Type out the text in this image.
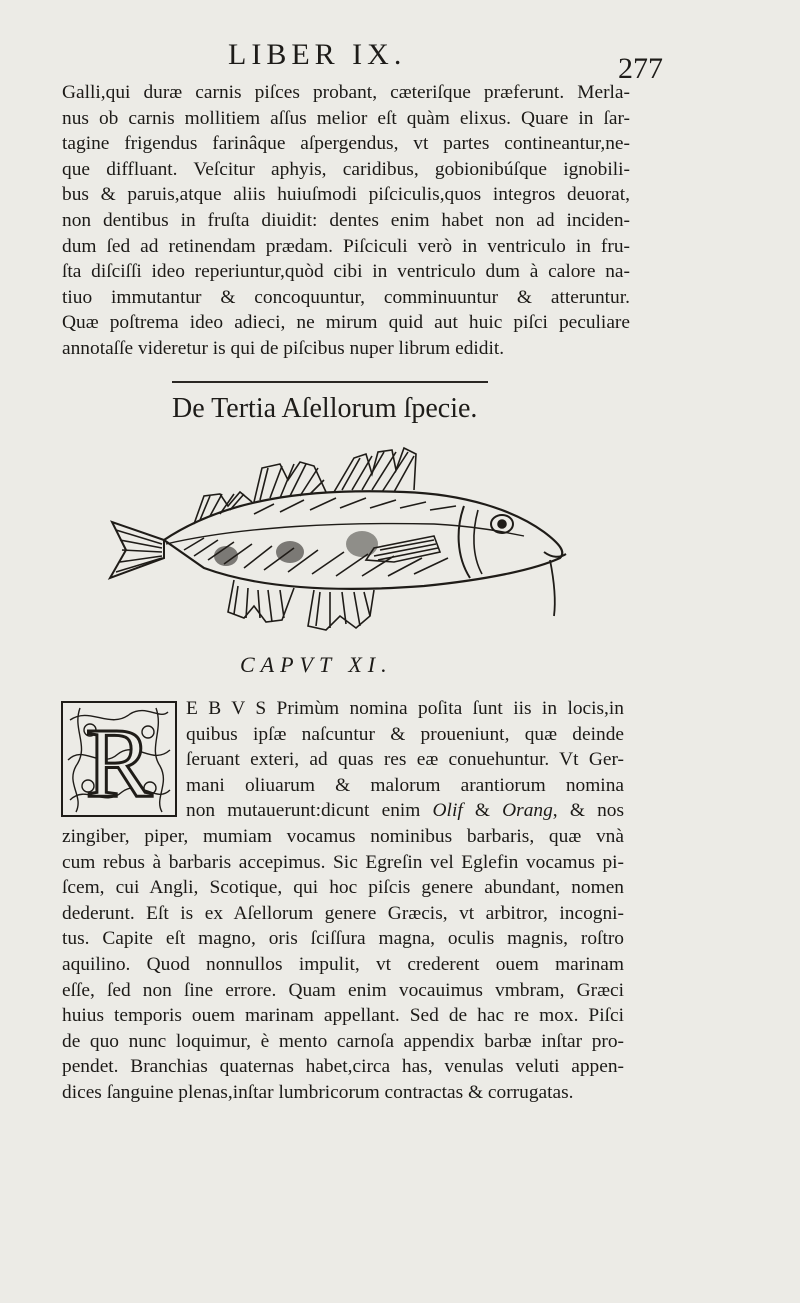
LIBER IX.	277

Galli,qui duræ carnis piſces probant, cæteriſque præferunt. Merla-
nus ob carnis mollitiem aſſus melior eſt quàm elixus. Quare in ſar-
tagine frigendus farinâque aſpergendus, vt partes contineantur,ne-
que diffluant. Veſcitur aphyis, caridibus, gobionibúſque ignobili-
bus & paruis,atque aliis huiuſmodi piſciculis,quos integros deuorat,
non dentibus in fruſta diuidit: dentes enim habet non ad inciden-
dum ſed ad retinendam prædam. Piſciculi verò in ventriculo in fru-
ſta diſciſſi ideo reperiuntur,quòd cibi in ventriculo dum à calore na-
tiuo immutantur & concoquuntur, comminuuntur & atteruntur.
Quæ poſtrema ideo adieci, ne mirum quid aut huic piſci peculiare
annotaſſe videretur is qui de piſcibus nuper librum edidit.

De Tertia Aſellorum ſpecie.
CAPVT XI.
R E B V S Primùm nomina poſita ſunt iis in locis,in
quibus ipſæ naſcuntur & proueniunt, quæ deinde
ſeruant exteri, ad quas res eæ conuehuntur. Vt Ger-
mani oliuarum & malorum arantiorum nomina
non mutauerunt:dicunt enim Olif & Orang, & nos

zingiber, piper, mumiam vocamus nominibus barbaris, quæ vnà
cum rebus à barbaris accepimus. Sic Egreſin vel Eglefin vocamus pi-
ſcem, cui Angli, Scotique, qui hoc piſcis genere abundant, nomen
dederunt. Eſt is ex Aſellorum genere Græcis, vt arbitror, incogni-
tus. Capite eſt magno, oris ſciſſura magna, oculis magnis, roſtro
aquilino. Quod nonnullos impulit, vt crederent ouem marinam
eſſe, ſed non ſine errore. Quam enim vocauimus vmbram, Græci
huius temporis ouem marinam appellant. Sed de hac re mox. Piſci
de quo nunc loquimur, è mento carnoſa appendix barbæ inſtar pro-
pendet. Branchias quaternas habet,circa has, venulas veluti appen-
dices ſanguine plenas,inſtar lumbricorum contractas & corrugatas.
